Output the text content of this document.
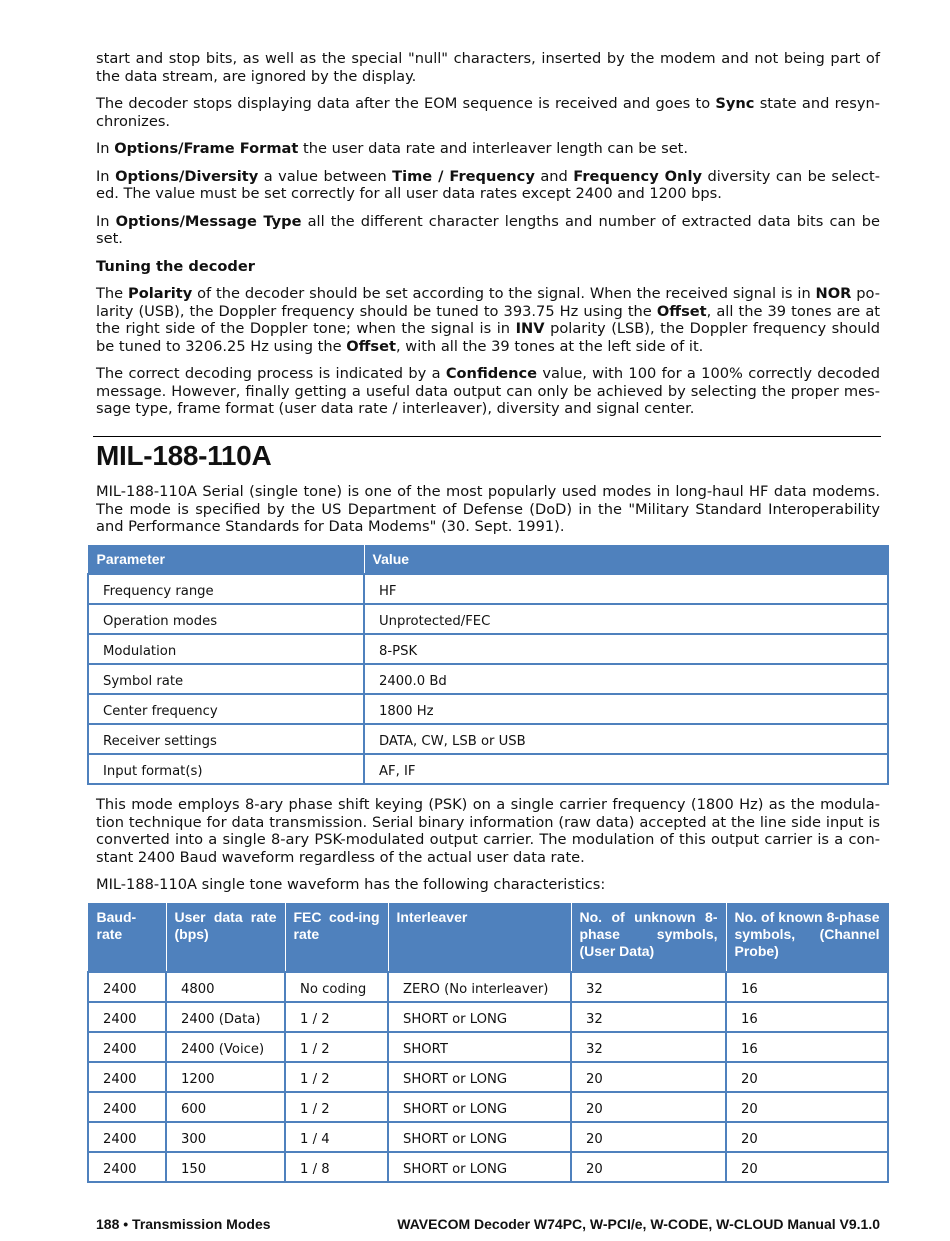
start and stop bits, as well as the special "null" characters, inserted by the modem and not being part of the data stream, are ignored by the display.

The decoder stops displaying data after the EOM sequence is received and goes to Sync state and resyn-chronizes.

In Options/Frame Format the user data rate and interleaver length can be set.

In Options/Diversity a value between Time / Frequency and Frequency Only diversity can be select-ed. The value must be set correctly for all user data rates except 2400 and 1200 bps.

In Options/Message Type all the different character lengths and number of extracted data bits can be set.

Tuning the decoder

The Polarity of the decoder should be set according to the signal. When the received signal is in NOR po-larity (USB), the Doppler frequency should be tuned to 393.75 Hz using the Offset, all the 39 tones are at the right side of the Doppler tone; when the signal is in INV polarity (LSB), the Doppler frequency should be tuned to 3206.25 Hz using the Offset, with all the 39 tones at the left side of it.

The correct decoding process is indicated by a Confidence value, with 100 for a 100% correctly decoded message. However, finally getting a useful data output can only be achieved by selecting the proper mes-sage type, frame format (user data rate / interleaver), diversity and signal center.

MIL-188-110A

MIL-188-110A Serial (single tone) is one of the most popularly used modes in long-haul HF data modems. The mode is specified by the US Department of Defense (DoD) in the "Military Standard Interoperability and Performance Standards for Data Modems" (30. Sept. 1991).

Parameter	Value
Frequency range	HF
Operation modes	Unprotected/FEC
Modulation	8-PSK
Symbol rate	2400.0 Bd
Center frequency	1800 Hz
Receiver settings	DATA, CW, LSB or USB
Input format(s)	AF, IF

This mode employs 8-ary phase shift keying (PSK) on a single carrier frequency (1800 Hz) as the modula-tion technique for data transmission. Serial binary information (raw data) accepted at the line side input is converted into a single 8-ary PSK-modulated output carrier. The modulation of this output carrier is a con-stant 2400 Baud waveform regardless of the actual user data rate.

MIL-188-110A single tone waveform has the following characteristics:

Baud-rate	User data rate (bps)	FEC cod-ing rate	Interleaver	No. of unknown 8-phase symbols, (User Data)	No. of known 8-phase symbols, (Channel Probe)
2400	4800	No coding	ZERO (No interleaver)	32	16
2400	2400 (Data)	1 / 2	SHORT or LONG	32	16
2400	2400 (Voice)	1 / 2	SHORT	32	16
2400	1200	1 / 2	SHORT or LONG	20	20
2400	600	1 / 2	SHORT or LONG	20	20
2400	300	1 / 4	SHORT or LONG	20	20
2400	150	1 / 8	SHORT or LONG	20	20
188 • Transmission Modes	WAVECOM Decoder W74PC, W-PCI/e, W-CODE, W-CLOUD Manual V9.1.0
